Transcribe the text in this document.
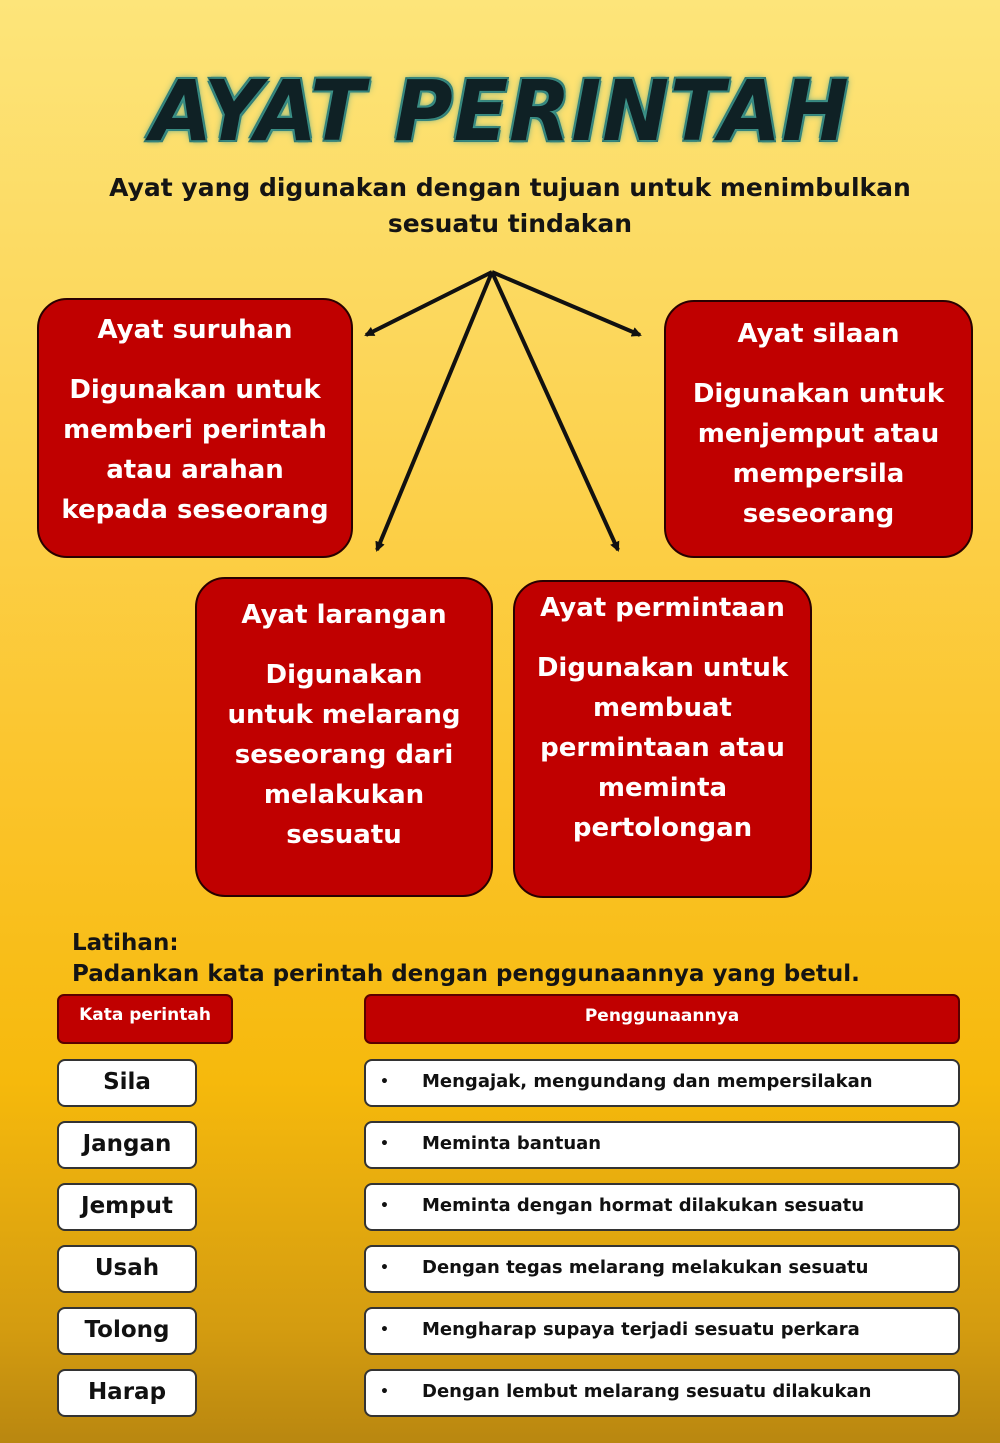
AYAT PERINTAH
Ayat yang digunakan dengan tujuan untuk menimbulkan sesuatu tindakan
Ayat suruhan
Digunakan untuk memberi perintah atau arahan kepada seseorang
Ayat silaan
Digunakan untuk menjemput atau mempersila seseorang
Ayat larangan
Digunakan untuk melarang seseorang dari melakukan sesuatu
Ayat permintaan
Digunakan untuk membuat permintaan atau meminta pertolongan
Latihan:
Padankan kata perintah dengan penggunaannya yang betul.
Kata perintah	Penggunaannya
Sila
Jangan
Jemput
Usah
Tolong
Harap
• Mengajak, mengundang dan mempersilakan
• Meminta bantuan
• Meminta dengan hormat dilakukan sesuatu
• Dengan tegas melarang melakukan sesuatu
• Mengharap supaya terjadi sesuatu perkara
• Dengan lembut melarang sesuatu dilakukan
